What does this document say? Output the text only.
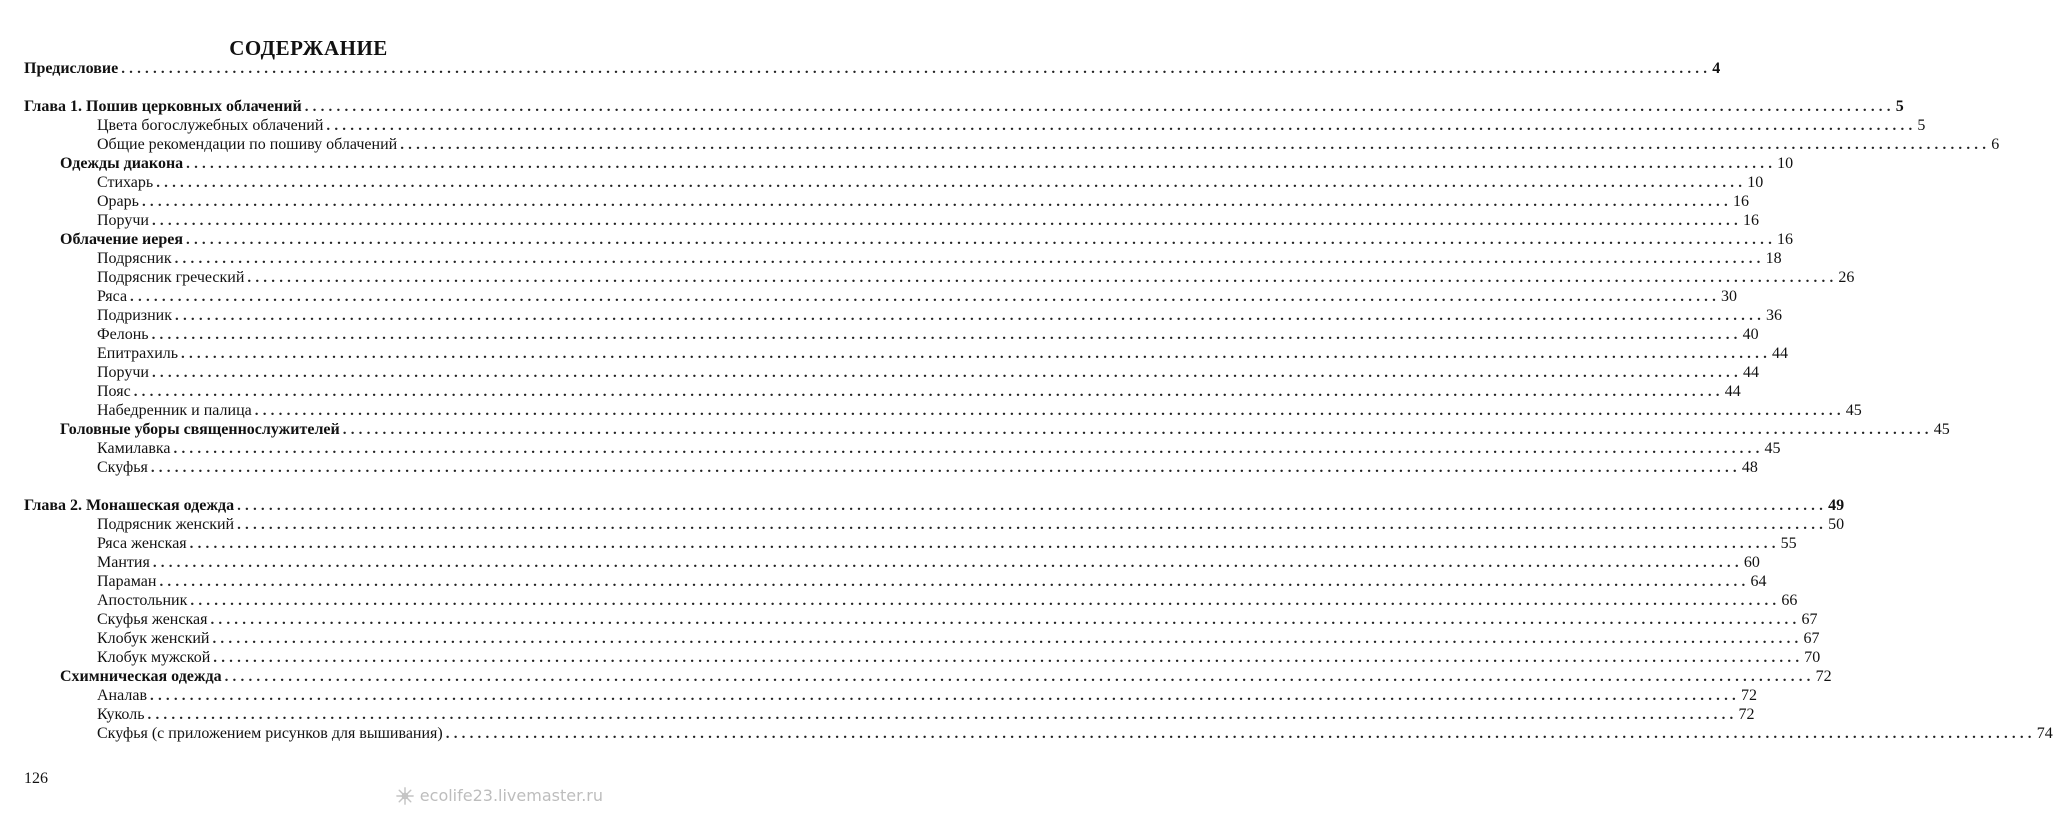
СОДЕРЖАНИЕ
Предисловие ........................................................................................................................................................................................................ 4
Глава 1. Пошив церковных облачений ........................................................................................................................................................................................................ 5
Цвета богослужебных облачений ........................................................................................................................................................................................................ 5
Общие рекомендации по пошиву облачений ........................................................................................................................................................................................................ 6
Одежды диакона ........................................................................................................................................................................................................ 10
Стихарь ........................................................................................................................................................................................................ 10
Орарь ........................................................................................................................................................................................................ 16
Поручи ........................................................................................................................................................................................................ 16
Облачение иерея ........................................................................................................................................................................................................ 16
Подрясник ........................................................................................................................................................................................................ 18
Подрясник греческий ........................................................................................................................................................................................................ 26
Ряса ........................................................................................................................................................................................................ 30
Подризник ........................................................................................................................................................................................................ 36
Фелонь ........................................................................................................................................................................................................ 40
Епитрахиль ........................................................................................................................................................................................................ 44
Поручи ........................................................................................................................................................................................................ 44
Пояс ........................................................................................................................................................................................................ 44
Набедренник и палица ........................................................................................................................................................................................................ 45
Головные уборы священнослужителей ........................................................................................................................................................................................................ 45
Камилавка ........................................................................................................................................................................................................ 45
Скуфья ........................................................................................................................................................................................................ 48
Глава 2. Монашеская одежда ........................................................................................................................................................................................................ 49
Подрясник женский ........................................................................................................................................................................................................ 50
Ряса женская ........................................................................................................................................................................................................ 55
Мантия ........................................................................................................................................................................................................ 60
Параман ........................................................................................................................................................................................................ 64
Апостольник ........................................................................................................................................................................................................ 66
Скуфья женская ........................................................................................................................................................................................................ 67
Клобук женский ........................................................................................................................................................................................................ 67
Клобук мужской ........................................................................................................................................................................................................ 70
Схимническая одежда ........................................................................................................................................................................................................ 72
Аналав ........................................................................................................................................................................................................ 72
Куколь ........................................................................................................................................................................................................ 72
Скуфья (с приложением рисунков для вышивания) ........................................................................................................................................................................................................ 74
126
ecolife23.livemaster.ru
